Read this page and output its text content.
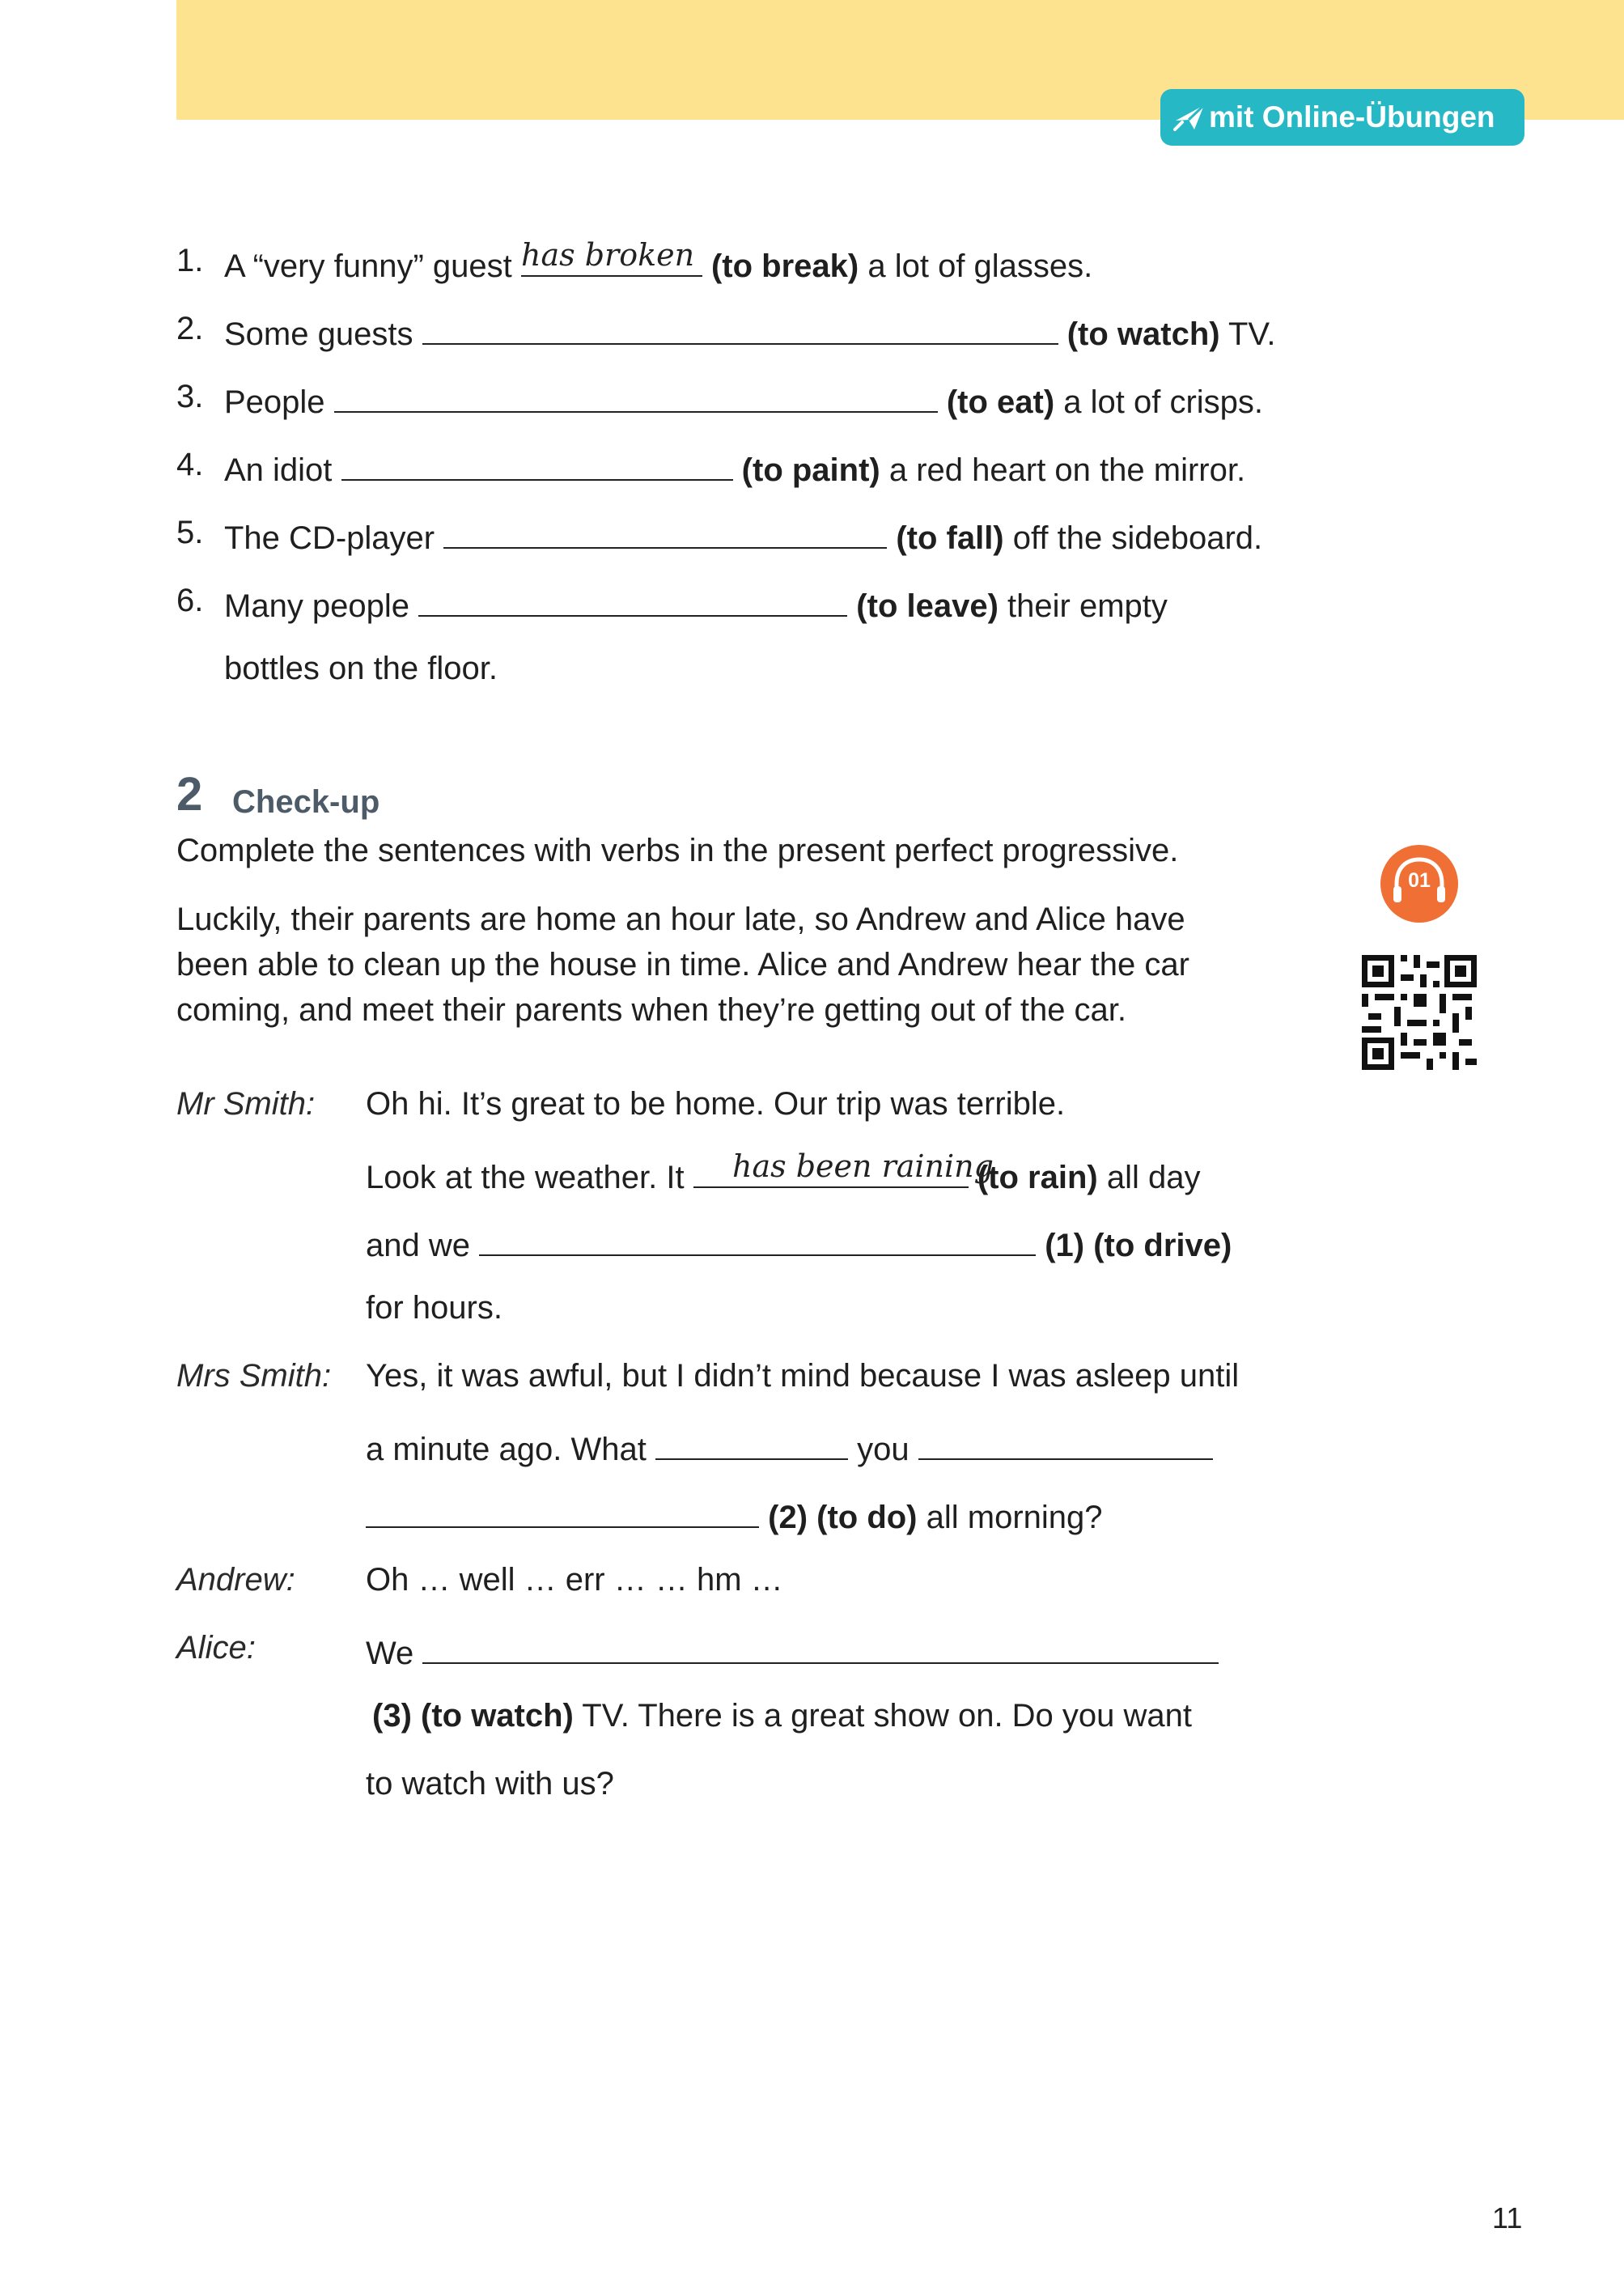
mit Online-Übungen
1. A “very funny” guest	(to break) a lot of glasses.
has broken
2. Some guests	(to watch) TV.
3. People	(to eat) a lot of crisps.
4. An idiot	(to paint) a red heart on the mirror.
5. The CD-player	(to fall) off the sideboard.
6. Many people	(to leave) their empty
bottles on the floor.
2 Check-up
Complete the sentences with verbs in the present perfect progressive.
Luckily, their parents are home an hour late, so Andrew and Alice have
been able to clean up the house in time. Alice and Andrew hear the car
coming, and meet their parents when they’re getting out of the car.
01
Mr Smith: Oh hi. It’s great to be home. Our trip was terrible.
Look at the weather. It	(to rain) all day
has been raining
and we	(1) (to drive)
for hours.
Mrs Smith: Yes, it was awful, but I didn’t mind because I was asleep until
a minute ago. What	you
(2) (to do) all morning?
Andrew: Oh … well … err … … hm …
Alice:	We
(3) (to watch) TV. There is a great show on. Do you want
to watch with us?
11
